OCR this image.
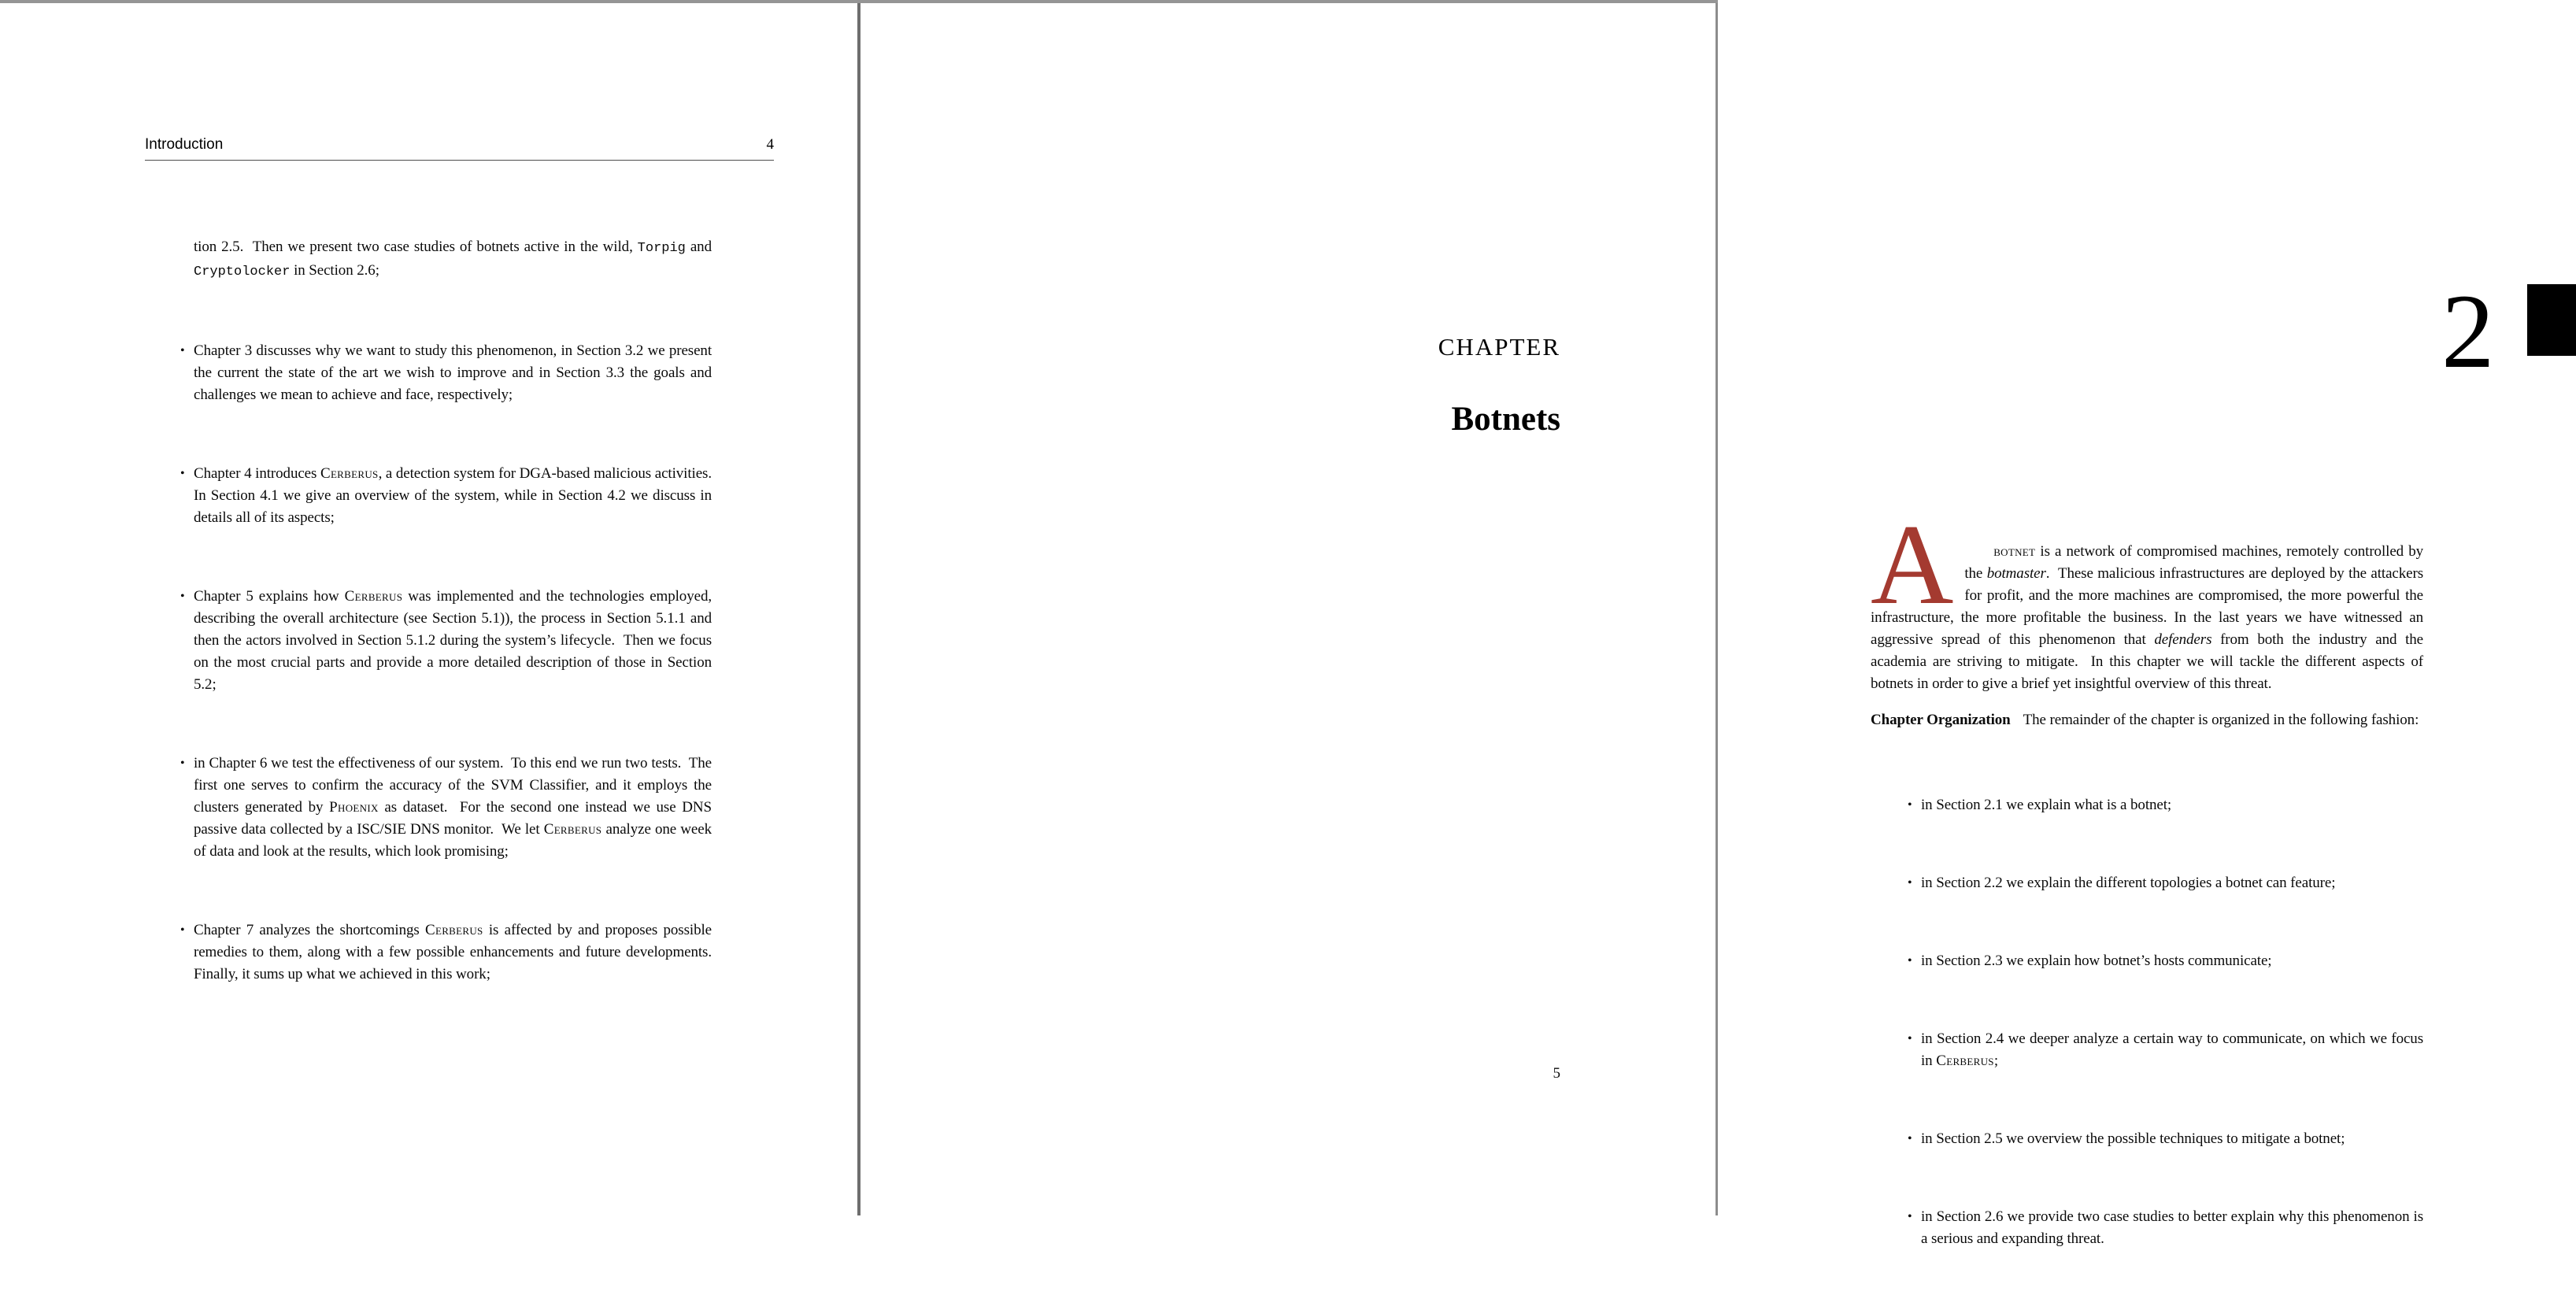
4
Introduction

tion 2.5.  Then we present two case studies of botnets active in the wild, Torpig and Cryptolocker in Section 2.6;

• Chapter 3 discusses why we want to study this phenomenon, in Section 3.2 we present the current the state of the art we wish to improve and in Section 3.3 the goals and challenges we mean to achieve and face, respectively;

• Chapter 4 introduces Cerberus, a detection system for DGA-based malicious activities.  In Section 4.1 we give an overview of the system, while in Section 4.2 we discuss in details all of its aspects;

• Chapter 5 explains how Cerberus was implemented and the technologies employed, describing the overall architecture (see Section 5.1)), the process in Section 5.1.1 and then the actors involved in Section 5.1.2 during the system’s lifecycle.  Then we focus on the most crucial parts and provide a more detailed description of those in Section 5.2;

• in Chapter 6 we test the effectiveness of our system.  To this end we run two tests.  The first one serves to confirm the accuracy of the SVM Classifier, and it employs the clusters generated by Phoenix as dataset.  For the second one instead we use DNS passive data collected by a ISC/SIE DNS monitor.  We let Cerberus analyze one week of data and look at the results, which look promising;

• Chapter 7 analyzes the shortcomings Cerberus is affected by and proposes possible remedies to them, along with a few possible enhancements and future developments.  Finally, it sums up what we achieved in this work;

CHAPTER	2
Botnets

A	botnet is a network of compromised machines, remotely controlled by the botmaster.  These malicious infrastructures are deployed by the attackers for profit, and the more machines are compromised, the more powerful the infrastructure, the more profitable the business. In the last years we have witnessed an aggressive spread of this phenomenon that defenders from both the industry and the academia are striving to mitigate.  In this chapter we will tackle the different aspects of botnets in order to give a brief yet insightful overview of this threat.
Chapter Organization The remainder of the chapter is organized in the following fashion:

• in Section 2.1 we explain what is a botnet;

• in Section 2.2 we explain the different topologies a botnet can feature;

• in Section 2.3 we explain how botnet’s hosts communicate;

• in Section 2.4 we deeper analyze a certain way to communicate, on which we focus in Cerberus;

• in Section 2.5 we overview the possible techniques to mitigate a botnet;

• in Section 2.6 we provide two case studies to better explain why this phenomenon is a serious and expanding threat.

5
